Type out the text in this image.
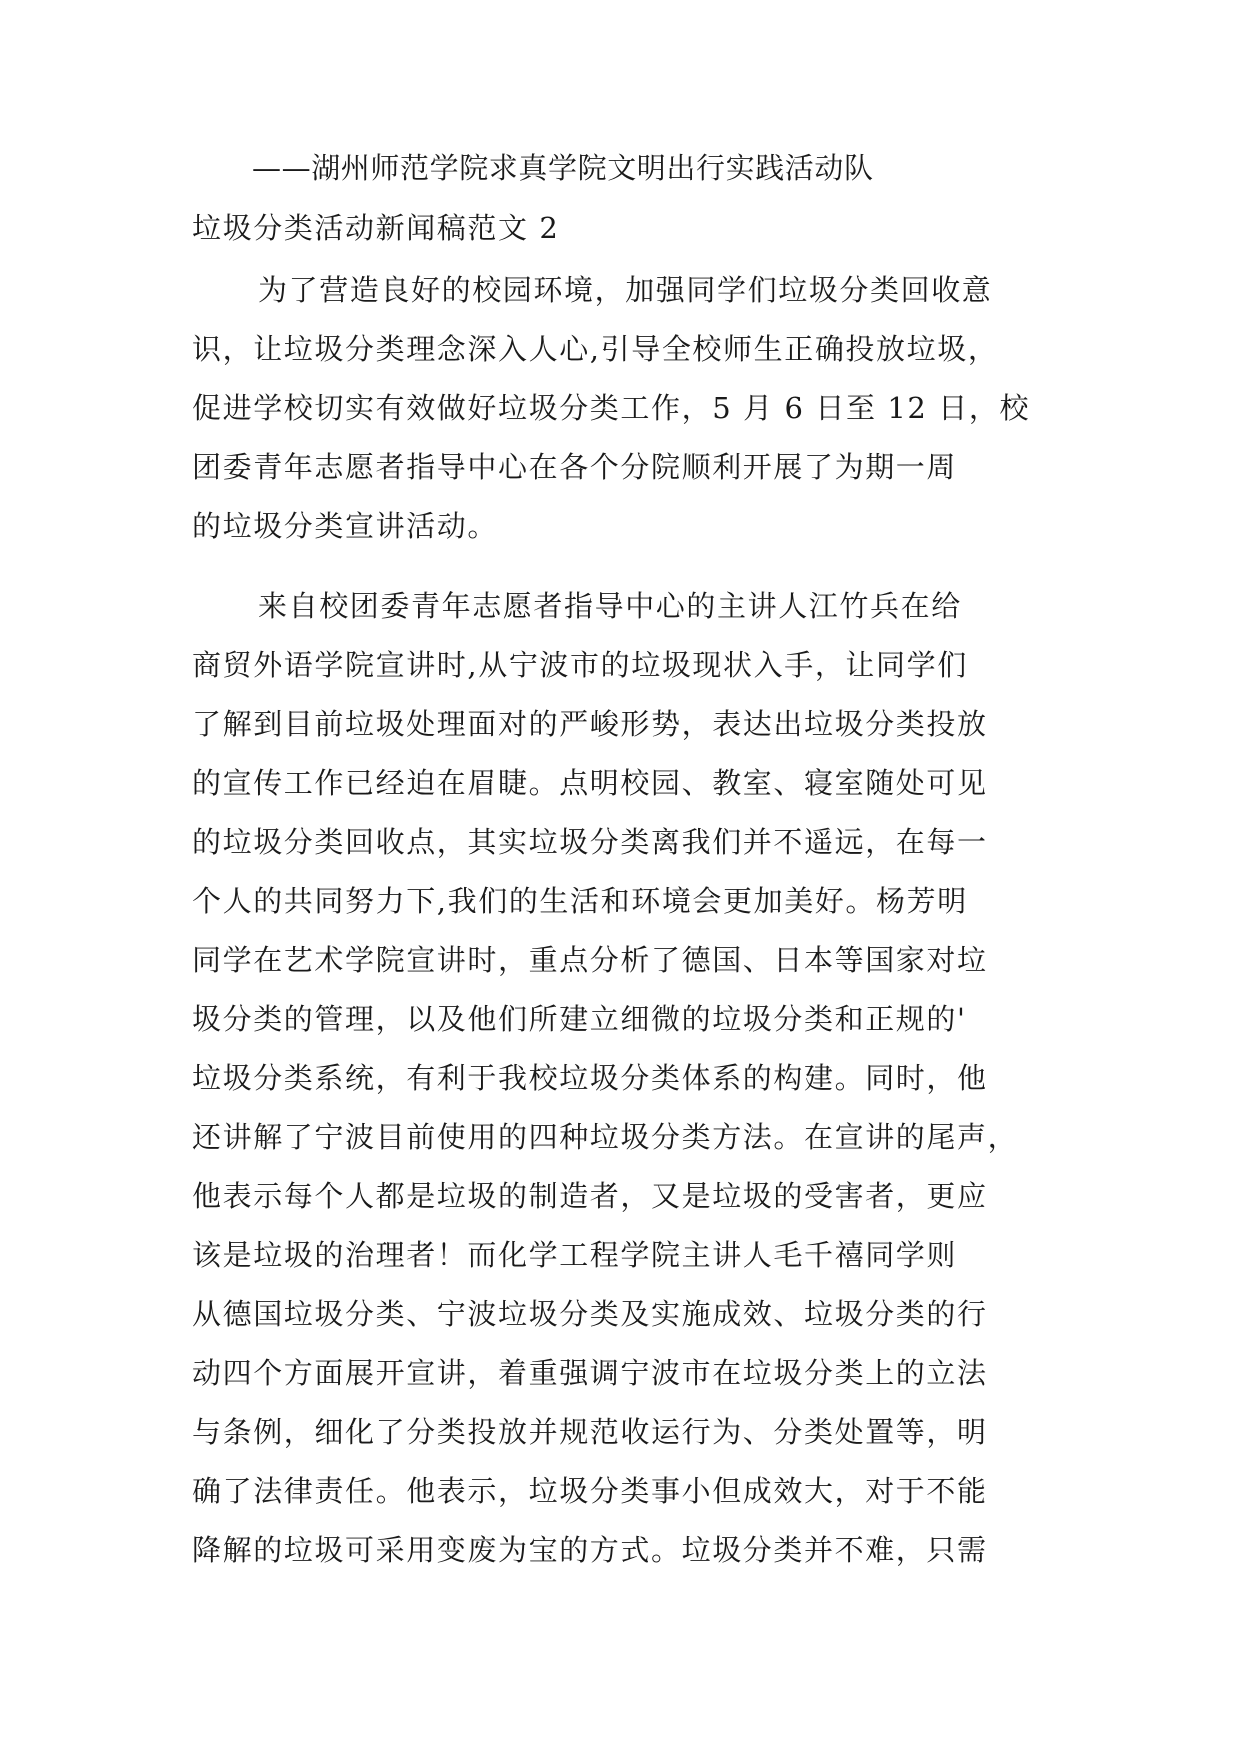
——湖州师范学院求真学院文明出行实践活动队
垃圾分类活动新闻稿范文 2
为了营造良好的校园环境，加强同学们垃圾分类回收意
识，让垃圾分类理念深入人心,引导全校师生正确投放垃圾，
促进学校切实有效做好垃圾分类工作，5 月 6 日至 12 日，校
团委青年志愿者指导中心在各个分院顺利开展了为期一周
的垃圾分类宣讲活动。
来自校团委青年志愿者指导中心的主讲人江竹兵在给
商贸外语学院宣讲时,从宁波市的垃圾现状入手，让同学们
了解到目前垃圾处理面对的严峻形势，表达出垃圾分类投放
的宣传工作已经迫在眉睫。点明校园、教室、寝室随处可见
的垃圾分类回收点，其实垃圾分类离我们并不遥远，在每一
个人的共同努力下,我们的生活和环境会更加美好。杨芳明
同学在艺术学院宣讲时，重点分析了德国、日本等国家对垃
圾分类的管理，以及他们所建立细微的垃圾分类和正规的'
垃圾分类系统，有利于我校垃圾分类体系的构建。同时，他
还讲解了宁波目前使用的四种垃圾分类方法。在宣讲的尾声，
他表示每个人都是垃圾的制造者，又是垃圾的受害者，更应
该是垃圾的治理者！而化学工程学院主讲人毛千禧同学则
从德国垃圾分类、宁波垃圾分类及实施成效、垃圾分类的行
动四个方面展开宣讲，着重强调宁波市在垃圾分类上的立法
与条例，细化了分类投放并规范收运行为、分类处置等，明
确了法律责任。他表示，垃圾分类事小但成效大，对于不能
降解的垃圾可采用变废为宝的方式。垃圾分类并不难，只需
